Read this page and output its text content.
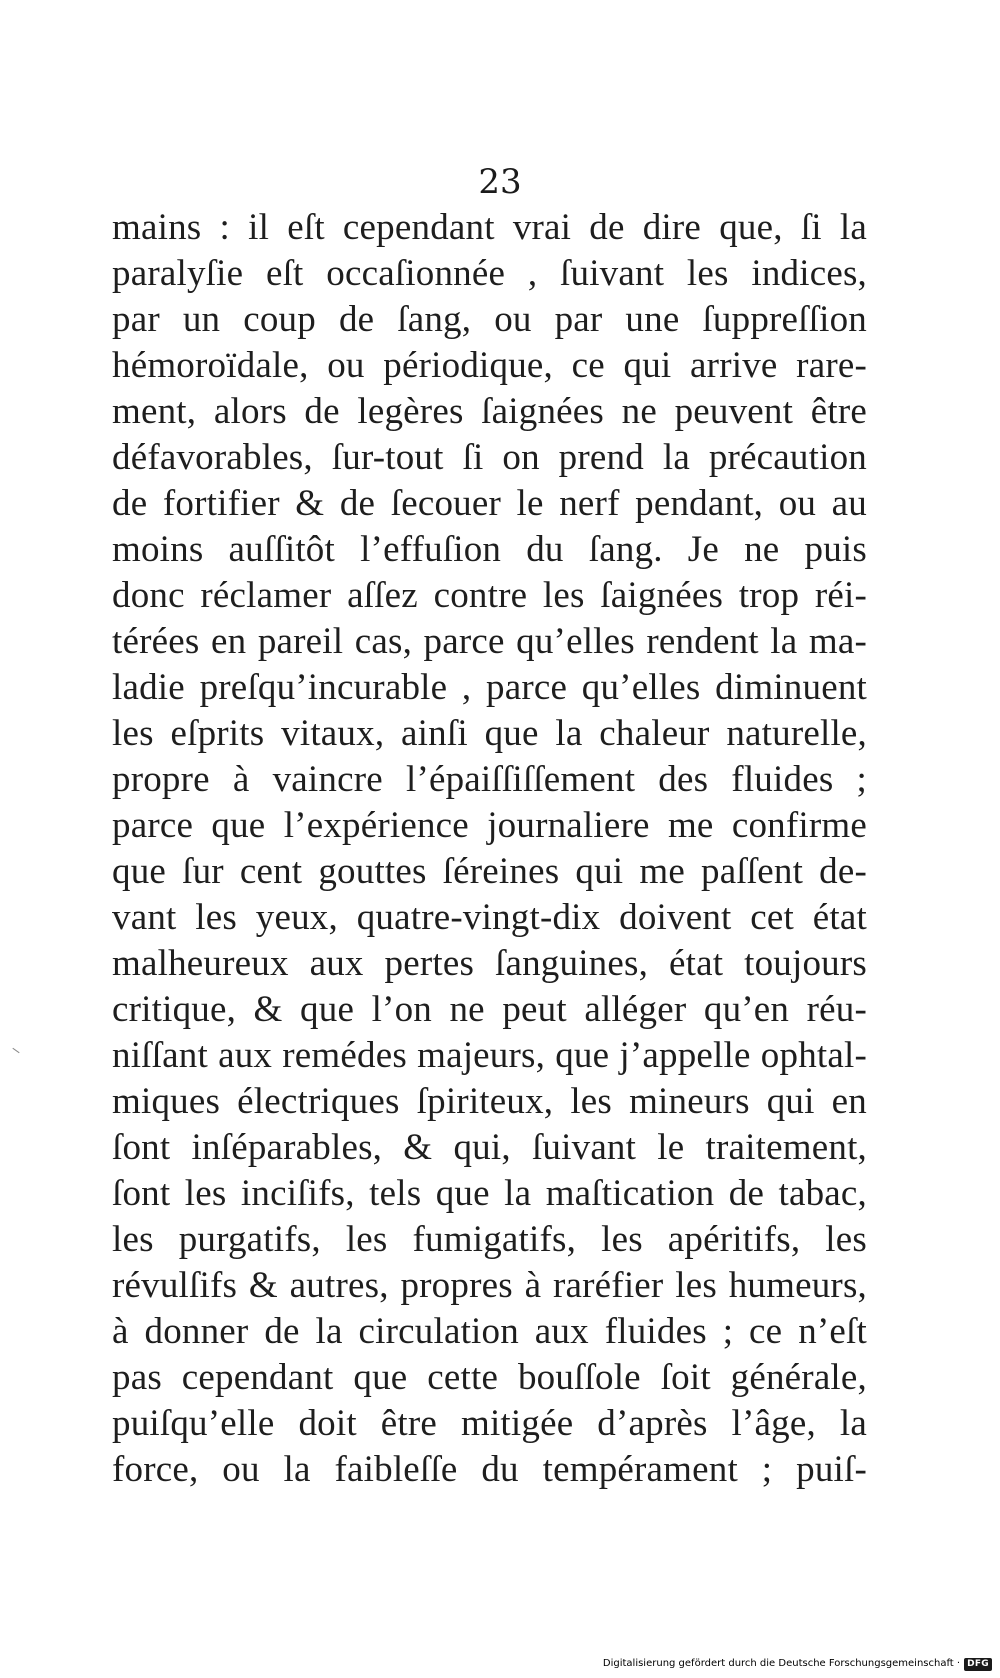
23
mains : il eſt cependant vrai de dire que, ſi la
paralyſie eſt occaſionnée , ſuivant les indices,
par un coup de ſang, ou par une ſuppreſſion
hémoroïdale, ou périodique, ce qui arrive rare-
ment, alors de legères ſaignées ne peuvent être
défavorables, ſur-tout ſi on prend la précaution
de fortifier & de ſecouer le nerf pendant, ou au
moins auſſitôt l’effuſion du ſang. Je ne puis
donc réclamer aſſez contre les ſaignées trop réi-
térées en pareil cas, parce qu’elles rendent la ma-
ladie preſqu’incurable , parce qu’elles diminuent
les eſprits vitaux, ainſi que la chaleur naturelle,
propre à vaincre l’épaiſſiſſement des fluides ;
parce que l’expérience journaliere me confirme
que ſur cent gouttes ſéreines qui me paſſent de-
vant les yeux, quatre-vingt-dix doivent cet état
malheureux aux pertes ſanguines, état toujours
critique, & que l’on ne peut alléger qu’en réu-
niſſant aux remédes majeurs, que j’appelle ophtal-
miques électriques ſpiriteux, les mineurs qui en
ſont inſéparables, & qui, ſuivant le traitement,
ſont les inciſifs, tels que la maſtication de tabac,
les purgatifs, les fumigatifs, les apéritifs, les
révulſifs & autres, propres à raréfier les humeurs,
à donner de la circulation aux fluides ; ce n’eſt
pas cependant que cette bouſſole ſoit générale,
puiſqu’elle doit être mitigée d’après l’âge, la
force, ou la faibleſſe du tempérament ; puiſ-
Digitalisierung gefördert durch die Deutsche Forschungsgemeinschaft · DFG
